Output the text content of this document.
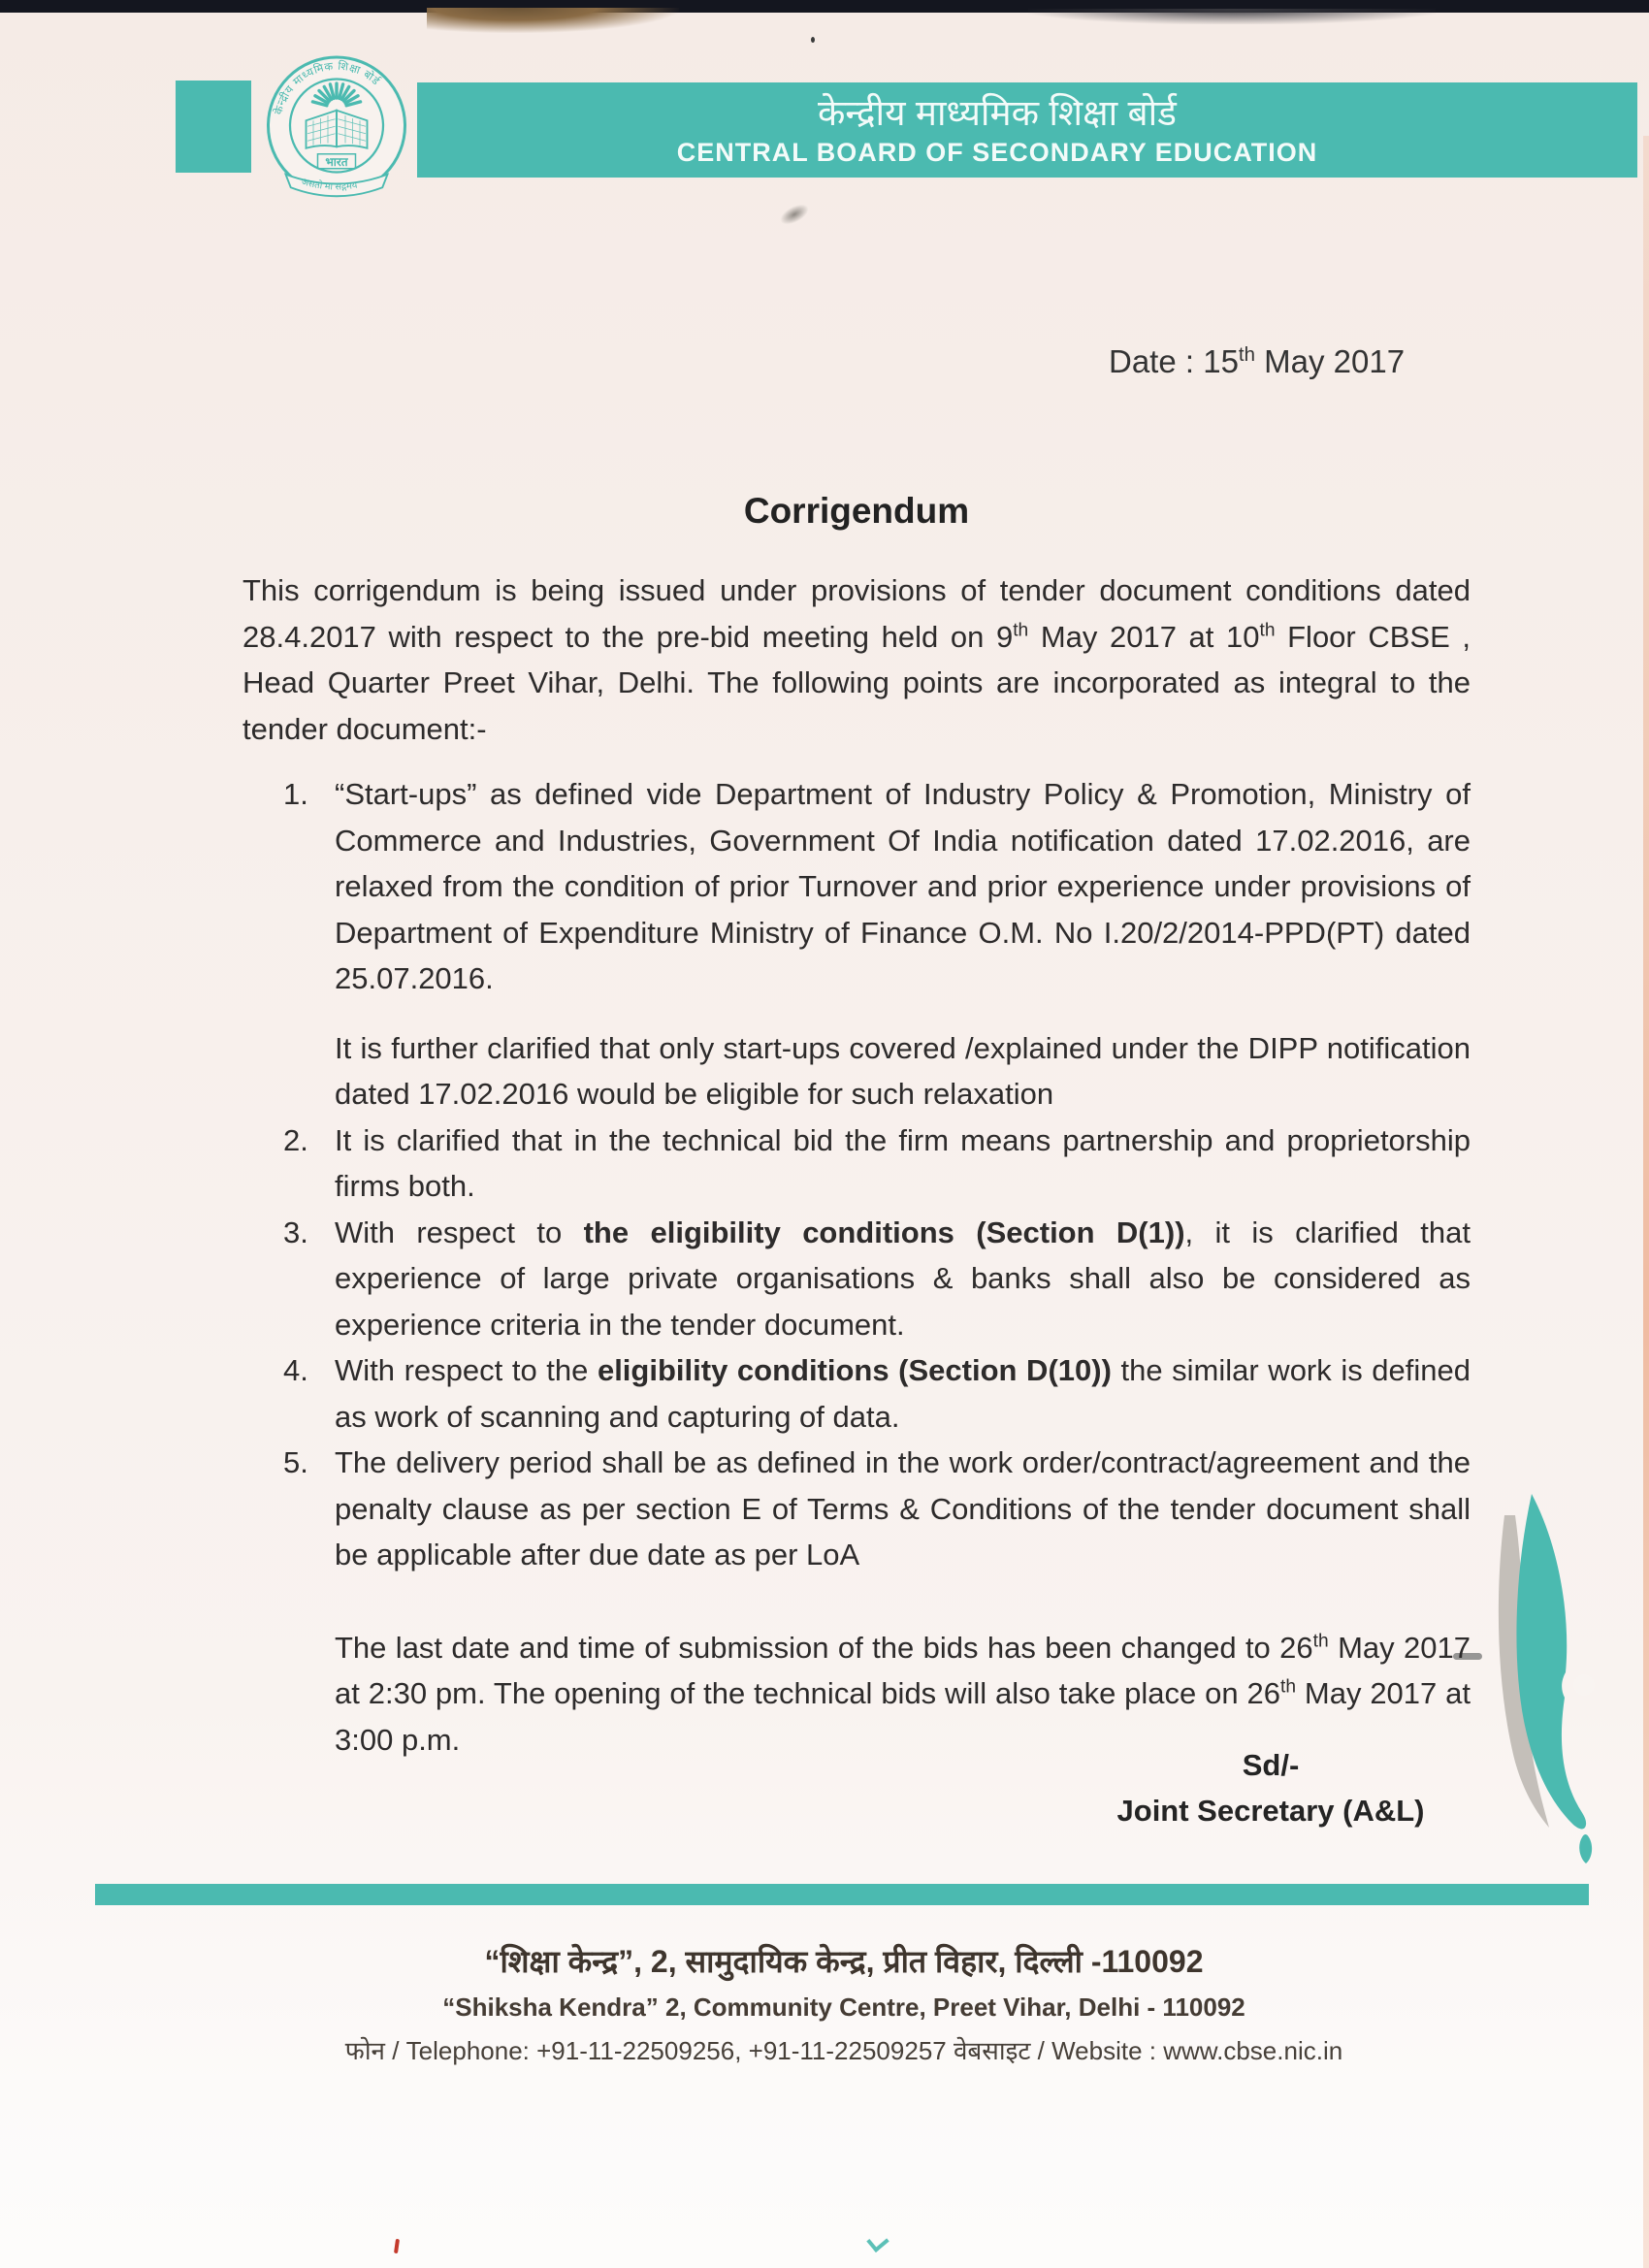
केन्द्रीय माध्यमिक शिक्षा बोर्ड
भारत
असतो मा सद्गमय
केन्द्रीय माध्यमिक शिक्षा बोर्ड
CENTRAL BOARD OF SECONDARY EDUCATION
Date : 15th May 2017
Corrigendum

This corrigendum is being issued under provisions of tender document conditions dated 28.4.2017 with respect to the pre-bid meeting held on 9th May 2017 at 10th Floor CBSE , Head Quarter Preet Vihar, Delhi. The following points are incorporated as integral to the tender document:-

1. “Start-ups” as defined vide Department of Industry Policy & Promotion, Ministry of Commerce and Industries, Government Of India notification dated 17.02.2016, are relaxed from the condition of prior Turnover and prior experience under provisions of Department of Expenditure Ministry of Finance O.M. No I.20/2/2014-PPD(PT) dated 25.07.2016.

It is further clarified that only start-ups covered /explained under the DIPP notification dated 17.02.2016 would be eligible for such relaxation

2. It is clarified that in the technical bid the firm means partnership and proprietorship firms both.

3. With respect to the eligibility conditions (Section D(1)), it is clarified that experience of large private organisations & banks shall also be considered as experience criteria in the tender document.

4. With respect to the eligibility conditions (Section D(10)) the similar work is defined as work of scanning and capturing of data.

5. The delivery period shall be as defined in the work order/contract/agreement and the penalty clause as per section E of Terms & Conditions of the tender document shall be applicable after due date as per LoA

The last date and time of submission of the bids has been changed to 26th May 2017 at 2:30 pm. The opening of the technical bids will also take place on 26th May 2017 at 3:00 p.m.

Sd/-
Joint Secretary (A&L)
“शिक्षा केन्द्र”, 2, सामुदायिक केन्द्र, प्रीत विहार, दिल्ली -110092
“Shiksha Kendra” 2, Community Centre, Preet Vihar, Delhi - 110092
फोन / Telephone: +91-11-22509256, +91-11-22509257 वेबसाइट / Website : www.cbse.nic.in
